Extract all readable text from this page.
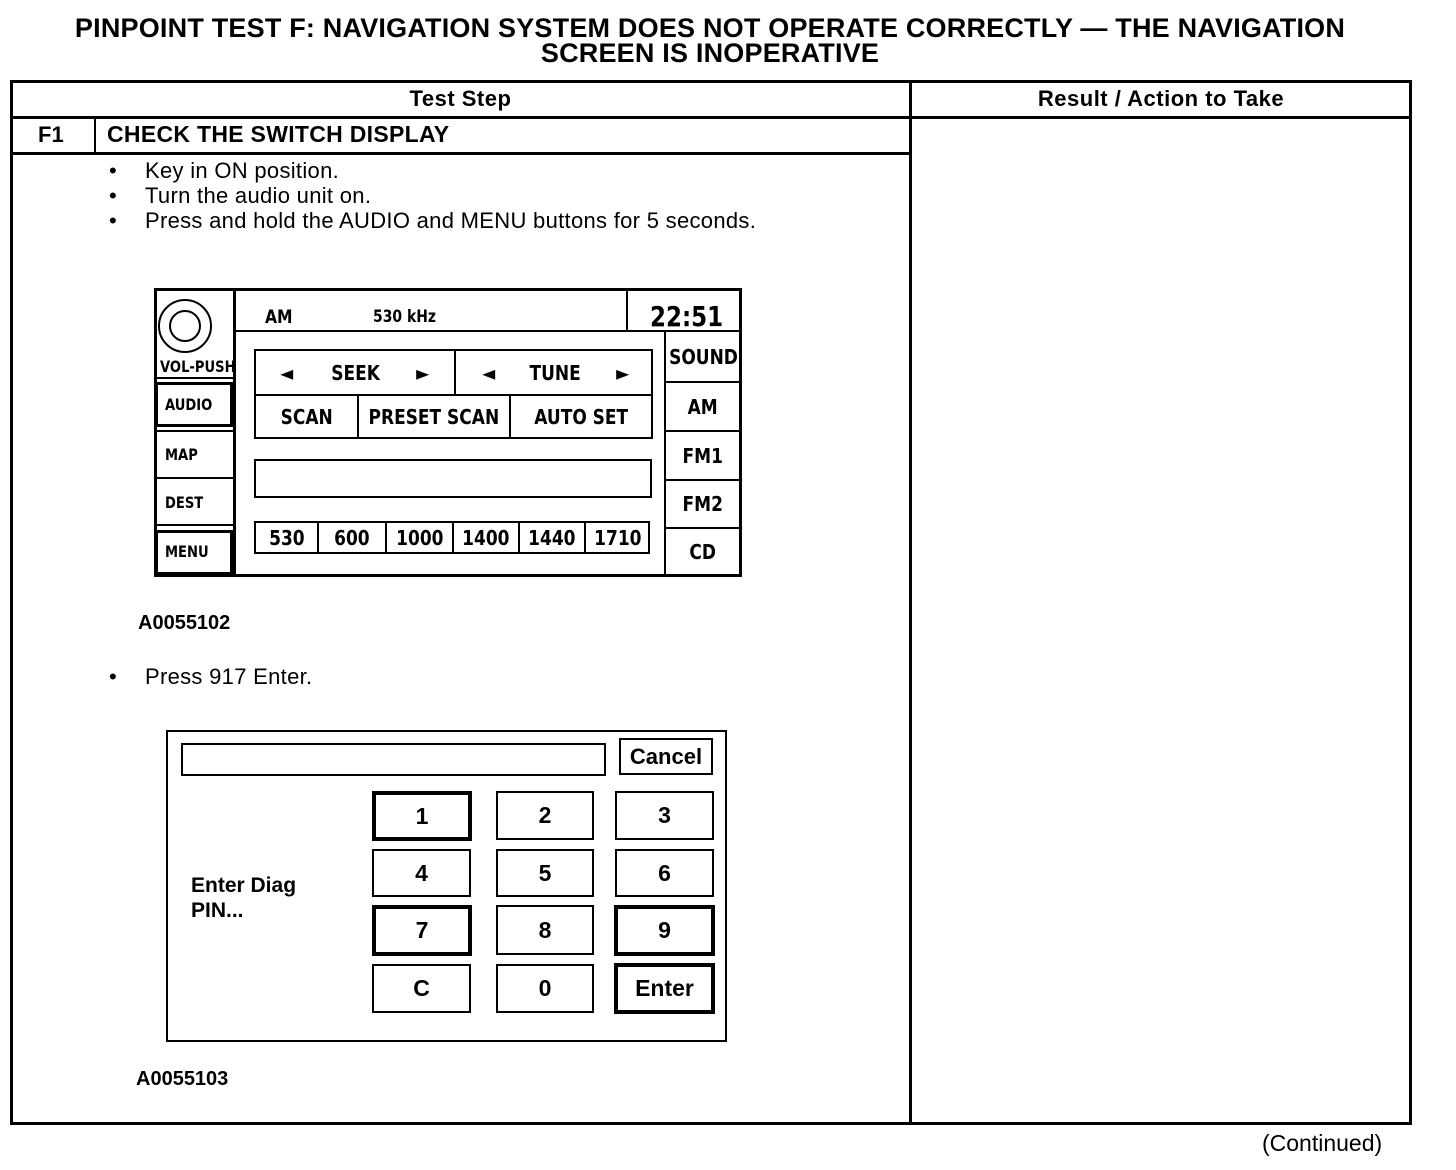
PINPOINT TEST F: NAVIGATION SYSTEM DOES NOT OPERATE CORRECTLY — THE NAVIGATION
SCREEN IS INOPERATIVE
Test Step	Result / Action to Take
F1 CHECK THE SWITCH DISPLAY
• Key in ON position.
• Turn the audio unit on.
• Press and hold the AUDIO and MENU buttons for 5 seconds.
VOL-PUSH
AUDIO
MAP
DEST
MENU
AM	530 kHz	22:51
◄ SEEK ►	◄ TUNE ►
SCAN PRESET SCAN AUTO SET
530 600 1000 1400 1440 1710
SOUND
AM
FM1
FM2
CD
A0055102
• Press 917 Enter.
Cancel
Enter Diag
PIN...
1	2	3
4	5	6
7	8	9
C	0	Enter
A0055103
(Continued)
